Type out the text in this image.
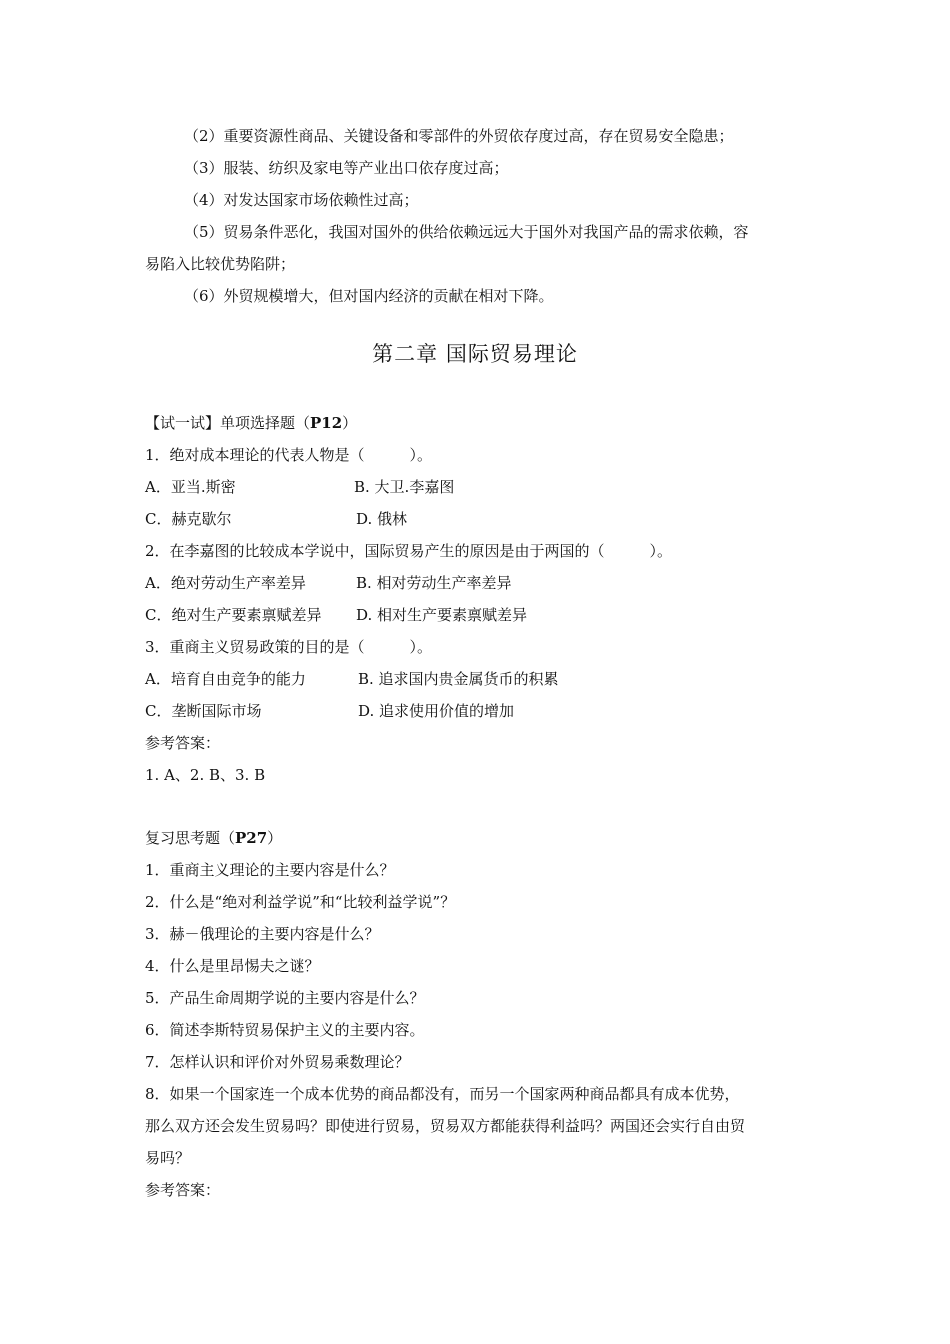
（2）重要资源性商品、关键设备和零部件的外贸依存度过高，存在贸易安全隐患；
（3）服装、纺织及家电等产业出口依存度过高；
（4）对发达国家市场依赖性过高；
（5）贸易条件恶化，我国对国外的供给依赖远远大于国外对我国产品的需求依赖，容
易陷入比较优势陷阱；
（6）外贸规模增大，但对国内经济的贡献在相对下降。
第二章 国际贸易理论
【试一试】单项选择题（P12）
1．绝对成本理论的代表人物是（　　　）。
A．亚当.斯密	B. 大卫.李嘉图
C．赫克歇尔	D. 俄林
2．在李嘉图的比较成本学说中，国际贸易产生的原因是由于两国的（　　　）。
A．绝对劳动生产率差异	B. 相对劳动生产率差异
C．绝对生产要素禀赋差异 D. 相对生产要素禀赋差异
3．重商主义贸易政策的目的是（　　　）。
A．培育自由竞争的能力	B. 追求国内贵金属货币的积累
C．垄断国际市场	D. 追求使用价值的增加
参考答案：
1. A、2. B、3. B
复习思考题（P27）
1．重商主义理论的主要内容是什么？
2．什么是“绝对利益学说”和“比较利益学说”？
3．赫－俄理论的主要内容是什么？
4．什么是里昂惕夫之谜？
5．产品生命周期学说的主要内容是什么？
6．简述李斯特贸易保护主义的主要内容。
7．怎样认识和评价对外贸易乘数理论？
8．如果一个国家连一个成本优势的商品都没有，而另一个国家两种商品都具有成本优势，
那么双方还会发生贸易吗？即使进行贸易，贸易双方都能获得利益吗？两国还会实行自由贸
易吗？
参考答案：
